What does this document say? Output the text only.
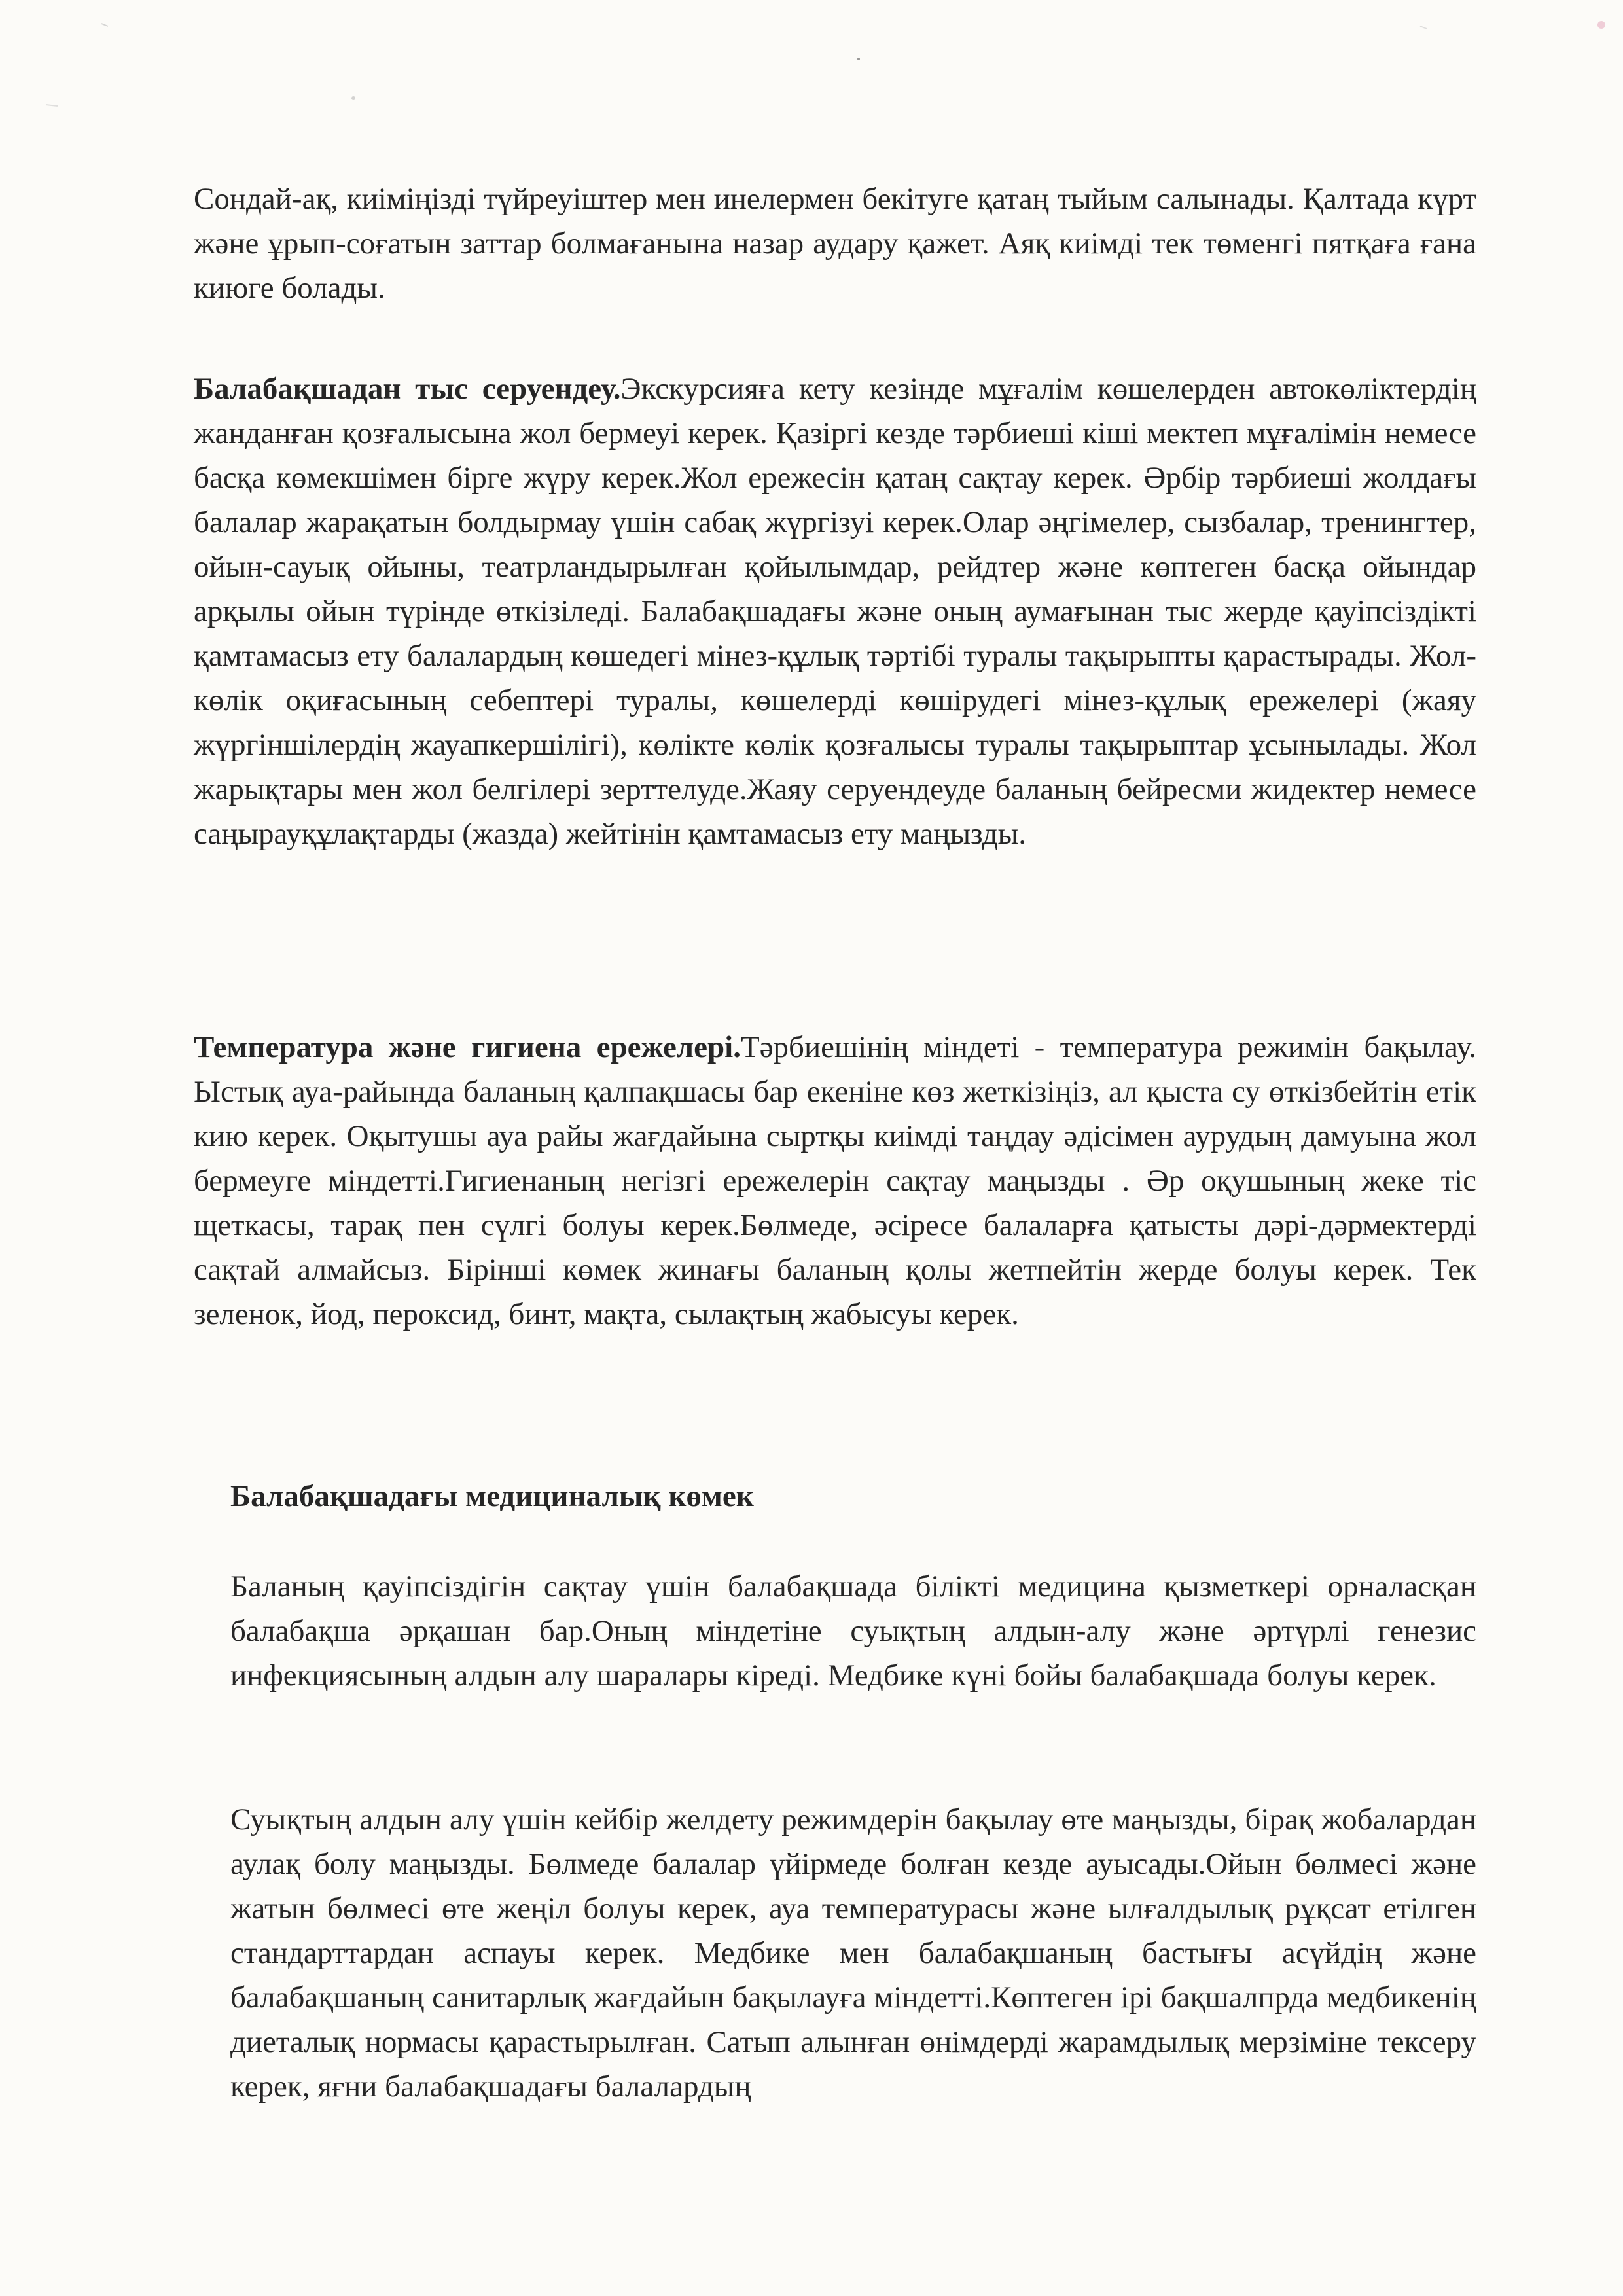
Сондай-ақ, киіміңізді түйреуіштер мен инелермен бекітуге қатаң тыйым салынады. Қалтада күрт және ұрып-соғатын заттар болмағанына назар аудару қажет. Аяқ киімді тек төменгі пятқаға ғана киюге болады.

Балабақшадан тыс серуендеу.Экскурсияға кету кезінде мұғалім көшелерден автокөліктердің жанданған қозғалысына жол бермеуі керек. Қазіргі кезде тәрбиеші кіші мектеп мұғалімін немесе басқа көмекшімен бірге жүру керек.Жол ережесін қатаң сақтау керек. Әрбір тәрбиеші жолдағы балалар жарақатын болдырмау үшін сабақ жүргізуі керек.Олар әңгімелер, сызбалар, тренингтер, ойын-сауық ойыны, театрландырылған қойылымдар, рейдтер және көптеген басқа ойындар арқылы ойын түрінде өткізіледі. Балабақшадағы және оның аумағынан тыс жерде қауіпсіздікті қамтамасыз ету балалардың көшедегі мінез-құлық тәртібі туралы тақырыпты қарастырады. Жол-көлік оқиғасының себептері туралы, көшелерді көшірудегі мінез-құлық ережелері (жаяу жүргіншілердің жауапкершілігі), көлікте көлік қозғалысы туралы тақырыптар ұсынылады. Жол жарықтары мен жол белгілері зерттелуде.Жаяу серуендеуде баланың бейресми жидектер немесе саңырауқұлақтарды (жазда) жейтінін қамтамасыз ету маңызды.

Температура және гигиена ережелері.Тәрбиешінің міндеті - температура режимін бақылау. Ыстық ауа-райында баланың қалпақшасы бар екеніне көз жеткізіңіз, ал қыста су өткізбейтін етік кию керек. Оқытушы ауа райы жағдайына сыртқы киімді таңдау әдісімен аурудың дамуына жол бермеуге міндетті.Гигиенаның негізгі ережелерін сақтау маңызды . Әр оқушының жеке тіс щеткасы, тарақ пен сүлгі болуы керек.Бөлмеде, әсіресе балаларға қатысты дәрі-дәрмектерді сақтай алмайсыз. Бірінші көмек жинағы баланың қолы жетпейтін жерде болуы керек. Тек зеленок, йод, пероксид, бинт, мақта, сылақтың жабысуы керек.

Балабақшадағы медициналық көмек

Баланың қауіпсіздігін сақтау үшін балабақшада білікті медицина қызметкері орналасқан балабақша әрқашан бар.Оның міндетіне суықтың алдын-алу және әртүрлі генезис инфекциясының алдын алу шаралары кіреді. Медбике күні бойы балабақшада болуы керек.

Суықтың алдын алу үшін кейбір желдету режимдерін бақылау өте маңызды, бірақ жобалардан аулақ болу маңызды. Бөлмеде балалар үйірмеде болған кезде ауысады.Ойын бөлмесі және жатын бөлмесі өте жеңіл болуы керек, ауа температурасы және ылғалдылық рұқсат етілген стандарттардан аспауы керек. Медбике мен балабақшаның бастығы асүйдің және балабақшаның санитарлық жағдайын бақылауға міндетті.Көптеген ірі бақшалпрда медбикенің диеталық нормасы қарастырылған. Сатып алынған өнімдерді жарамдылық мерзіміне тексеру керек, яғни балабақшадағы балалардың
